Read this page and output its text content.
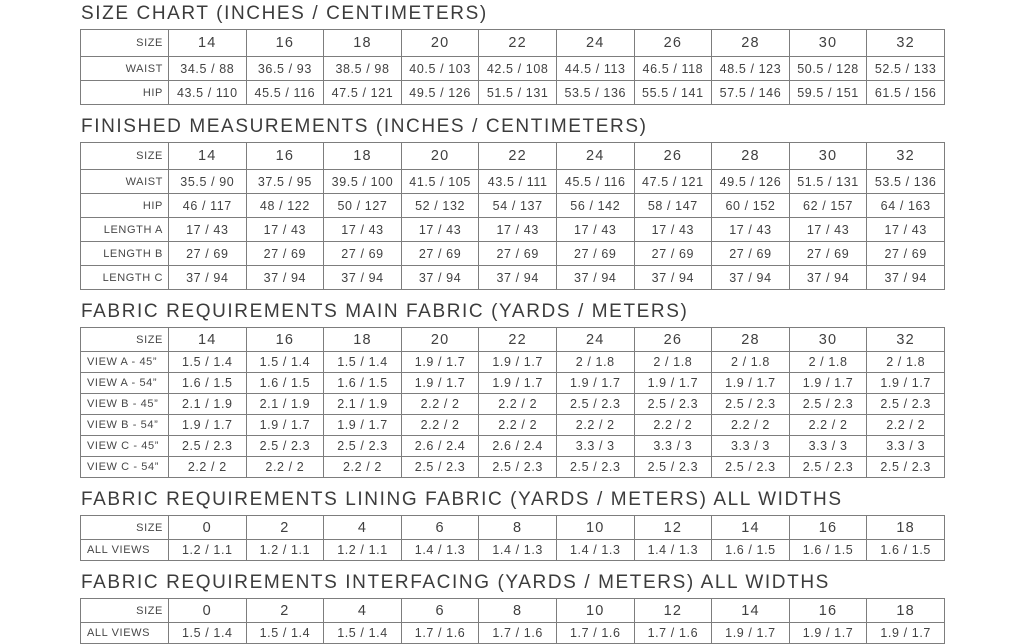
SIZE CHART (INCHES / CENTIMETERS)
SIZE	14	16	18	20	22	24	26	28	30	32
WAIST	34.5 / 88	36.5 / 93	38.5 / 98	40.5 / 103	42.5 / 108	44.5 / 113	46.5 / 118	48.5 / 123	50.5 / 128	52.5 / 133
HIP	43.5 / 110	45.5 / 116	47.5 / 121	49.5 / 126	51.5 / 131	53.5 / 136	55.5 / 141	57.5 / 146	59.5 / 151	61.5 / 156
FINISHED MEASUREMENTS (INCHES / CENTIMETERS)
SIZE	14	16	18	20	22	24	26	28	30	32
WAIST	35.5 / 90	37.5 / 95	39.5 / 100	41.5 / 105	43.5 / 111	45.5 / 116	47.5 / 121	49.5 / 126	51.5 / 131	53.5 / 136
HIP	46 / 117	48 / 122	50 / 127	52 / 132	54 / 137	56 / 142	58 / 147	60 / 152	62 / 157	64 / 163
LENGTH A	17 / 43	17 / 43	17 / 43	17 / 43	17 / 43	17 / 43	17 / 43	17 / 43	17 / 43	17 / 43
LENGTH B	27 / 69	27 / 69	27 / 69	27 / 69	27 / 69	27 / 69	27 / 69	27 / 69	27 / 69	27 / 69
LENGTH C	37 / 94	37 / 94	37 / 94	37 / 94	37 / 94	37 / 94	37 / 94	37 / 94	37 / 94	37 / 94
FABRIC REQUIREMENTS MAIN FABRIC (YARDS / METERS)
SIZE	14	16	18	20	22	24	26	28	30	32
VIEW A - 45”	1.5 / 1.4	1.5 / 1.4	1.5 / 1.4	1.9 / 1.7	1.9 / 1.7	2 / 1.8	2 / 1.8	2 / 1.8	2 / 1.8	2 / 1.8
VIEW A - 54”	1.6 / 1.5	1.6 / 1.5	1.6 / 1.5	1.9 / 1.7	1.9 / 1.7	1.9 / 1.7	1.9 / 1.7	1.9 / 1.7	1.9 / 1.7	1.9 / 1.7
VIEW B - 45”	2.1 / 1.9	2.1 / 1.9	2.1 / 1.9	2.2 / 2	2.2 / 2	2.5 / 2.3	2.5 / 2.3	2.5 / 2.3	2.5 / 2.3	2.5 / 2.3
VIEW B - 54”	1.9 / 1.7	1.9 / 1.7	1.9 / 1.7	2.2 / 2	2.2 / 2	2.2 / 2	2.2 / 2	2.2 / 2	2.2 / 2	2.2 / 2
VIEW C - 45”	2.5 / 2.3	2.5 / 2.3	2.5 / 2.3	2.6 / 2.4	2.6 / 2.4	3.3 / 3	3.3 / 3	3.3 / 3	3.3 / 3	3.3 / 3
VIEW C - 54”	2.2 / 2	2.2 / 2	2.2 / 2	2.5 / 2.3	2.5 / 2.3	2.5 / 2.3	2.5 / 2.3	2.5 / 2.3	2.5 / 2.3	2.5 / 2.3
FABRIC REQUIREMENTS LINING FABRIC (YARDS / METERS) ALL WIDTHS
SIZE	0	2	4	6	8	10	12	14	16	18
ALL VIEWS	1.2 / 1.1	1.2 / 1.1	1.2 / 1.1	1.4 / 1.3	1.4 / 1.3	1.4 / 1.3	1.4 / 1.3	1.6 / 1.5	1.6 / 1.5	1.6 / 1.5
FABRIC REQUIREMENTS INTERFACING (YARDS / METERS) ALL WIDTHS
SIZE	0	2	4	6	8	10	12	14	16	18
ALL VIEWS	1.5 / 1.4	1.5 / 1.4	1.5 / 1.4	1.7 / 1.6	1.7 / 1.6	1.7 / 1.6	1.7 / 1.6	1.9 / 1.7	1.9 / 1.7	1.9 / 1.7
